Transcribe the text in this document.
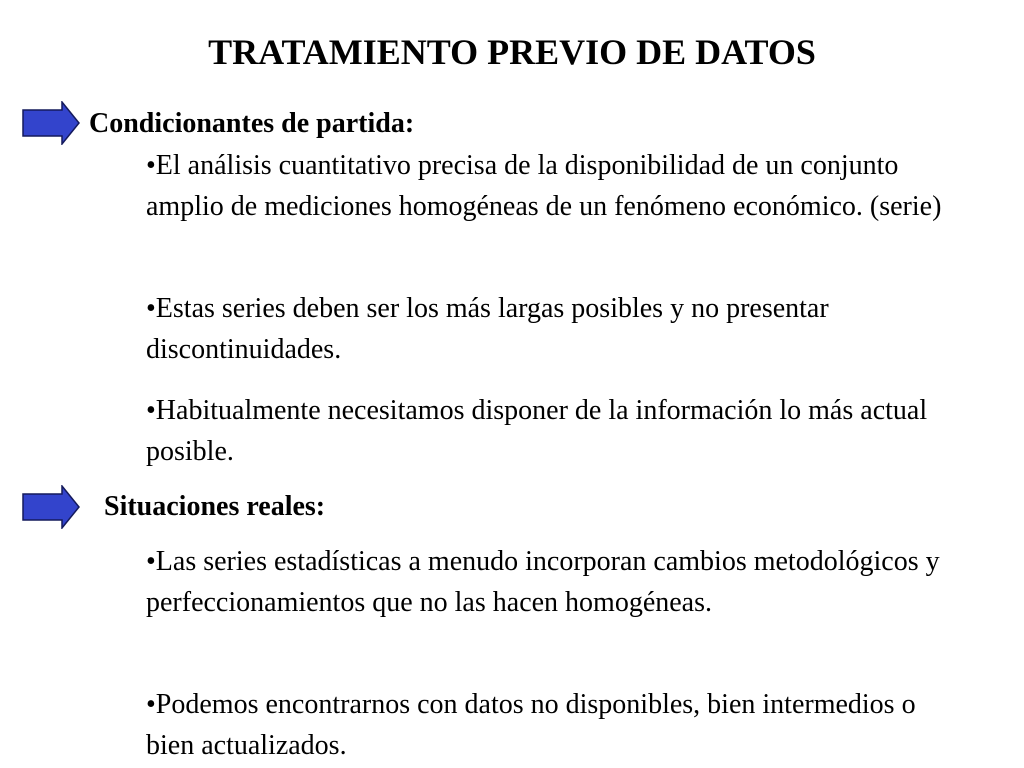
TRATAMIENTO PREVIO DE DATOS
Condicionantes de partida:

•El análisis cuantitativo precisa de la disponibilidad de un conjunto amplio de mediciones homogéneas de un fenómeno económico. (serie)

•Estas series deben ser los más largas posibles y no presentar discontinuidades.

•Habitualmente necesitamos disponer de la información lo más actual posible.

Situaciones reales:

•Las series estadísticas a menudo incorporan cambios metodológicos y perfeccionamientos que no las hacen homogéneas.

•Podemos encontrarnos con datos no disponibles, bien intermedios o bien actualizados.
